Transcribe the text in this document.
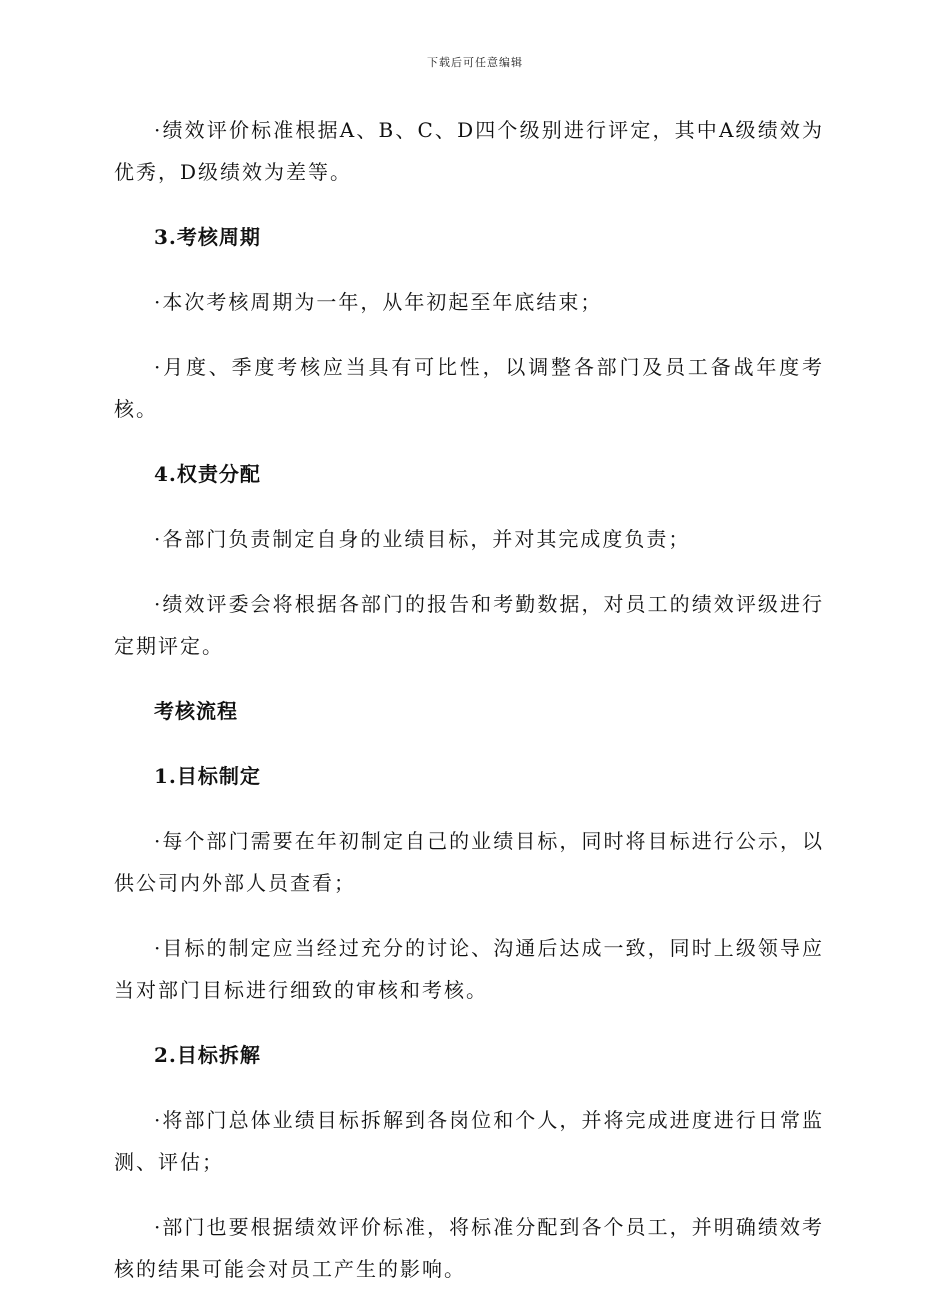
下载后可任意编辑

·绩效评价标准根据A、B、C、D四个级别进行评定，其中A级绩效为优秀，D级绩效为差等。

3.考核周期

·本次考核周期为一年，从年初起至年底结束；

·月度、季度考核应当具有可比性，以调整各部门及员工备战年度考核。

4.权责分配

·各部门负责制定自身的业绩目标，并对其完成度负责；

·绩效评委会将根据各部门的报告和考勤数据，对员工的绩效评级进行定期评定。

考核流程

1.目标制定

·每个部门需要在年初制定自己的业绩目标，同时将目标进行公示，以供公司内外部人员查看；

·目标的制定应当经过充分的讨论、沟通后达成一致，同时上级领导应当对部门目标进行细致的审核和考核。

2.目标拆解

·将部门总体业绩目标拆解到各岗位和个人，并将完成进度进行日常监测、评估；

·部门也要根据绩效评价标准，将标准分配到各个员工，并明确绩效考核的结果可能会对员工产生的影响。
